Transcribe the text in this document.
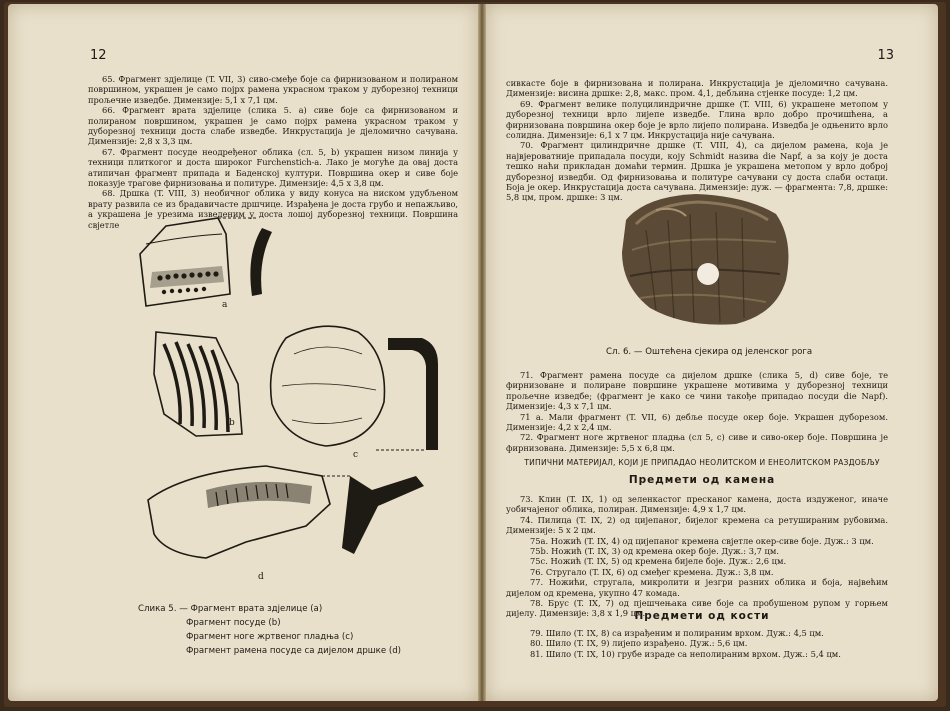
12

65. Фрагмент здјелице (T. VII, 3) сиво-смеђе боје са фирнизованом и полираном површином, украшен је само појрх рамена украсном траком у дуборезној техници прољечне изведбе. Димензије: 5,1 x 7,1 цм.

66. Фрагмент врата здјелице (слика 5. а) сиве боје са фирнизованом и полираном површином, украшен је само појрх рамена украсном траком у дуборезној техници доста слабе изведбе. Инкрустација је дјеломично сачувана. Димензије: 2,8 x 3,3 цм.

67. Фрагмент посуде неодређеног облика (сл. 5, b) украшен низом линија у техници плиткогог и доста широког Furchenstich-а. Лако је могуће да овај доста атипичан фрагмент припада и Баденској култури. Површина окер и сиве боје показује трагове фирнизовања и политуре. Димензије: 4,5 x 3,8 цм.

68. Дршка (T. VIII, 3) необичног облика у виду конуса на ниском удубљеном врату развила се из брадавичасте дршчице. Израђена је доста грубо и непажљиво, а украшена је урезима изведеним у доста лошој дуборезној техници. Површина свјетле

a
b
c
d
Слика 5. — Фрагмент врата здјелице (a)
Фрагмент посуде (b)
Фрагмент ноге жртвеног пладња (c)
Фрагмент рамена посуде са дијелом дршке (d)
13

сивкасте боје в фирнизована и полирана. Инкрустација је дјеломично сачувана. Димензије: висина дршке: 2,8, макс. пром. 4,1, дебљина стјенке посуде: 1,2 цм.

69. Фрагмент велике полуцилиндричне дршке (T. VIII, 6) украшене метопом у дуборезној техници врло лијепе изведбе. Глина врло добро прочишћена, а фирнизована површина окер боје је врло лијепо полирана. Изведба је одњенито врло солидна. Димензије: 6,1 x 7 цм. Инкрустација није сачувана.

70. Фрагмент цилиндричне дршке (T. VIII, 4), са дијелом рамена, која је највјероватније припадала посуди, коју Schmidt назива die Napf, а за коју је доста тешко наћи прикладан домаћи термин. Дршка је украшена метопом у врло доброј дуборезној изведби. Од фирнизовања и политуре сачувани су доста слаби остаци. Боја је окер. Инкрустација доста сачувана. Димензије: дуж. — фрагмента: 7,8, дршке: 5,8 цм, пром. дршке: 3 цм.

Сл. 6. — Оштећена сјекира од јеленског рога

71. Фрагмент рамена посуде са дијелом дршке (слика 5, d) сиве боје, те фирнизоване и полиране површине украшене мотивима у дуборезној техници прољечне изведбе; (фрагмент је како се чини такође припадао посуди die Napf). Димензије: 4,3 x 7,1 цм.

71 а. Мали фрагмент (T. VII, 6) дебље посуде окер боје. Украшен дуборезом. Димензије: 4,2 x 2,4 цм.

72. Фрагмент ноге жртвеног пладња (сл 5, c) сиве и сиво-окер боје. Површина је фирнизована. Димензије: 5,5 x 6,8 цм.

ТИПИЧНИ МАТЕРИЈАЛ, КОЈИ ЈЕ ПРИПАДАО НЕОЛИТСКОМ И ЕНЕОЛИТСКОМ РАЗДОБЉУ
Предмети од камена

73. Клин (T. IX, 1) од зеленкастог пресканог камена, доста издуженог, иначе уобичајеног облика, полиран. Димензије: 4,9 x 1,7 цм.

74. Пилица (T. IX, 2) од цијепаног, бијелог кремена са ретушираним рубовима. Димензије: 5 x 2 цм.

75а. Ножић (T. IX, 4) од цијепаног кремена свјетле окер-сиве боје. Дуж.: 3 цм.
75b. Ножић (T. IX, 3) од кремена окер боје. Дуж.: 3,7 цм.
75c. Ножић (T. IX, 5) од кремена бијеле боје. Дуж.: 2,6 цм.
76. Стругало (T. IX, 6) од смеђег кремена. Дуж.: 3,8 цм.

77. Ножићи, стругала, микролити и језгри разних облика и боја, највећим дијелом од кремена, укупно 47 комада.

78. Брус (T. IX, 7) од пјешчењака сиве боје са пробушеном рупом у горњем дијелу. Димензије: 3,8 x 1,9 цм.

Предмети од кости
79. Шило (T. IX, 8) са израђеним и полираним врхом. Дуж.: 4,5 цм.
80. Шило (T. IX, 9) лијепо израђено. Дуж.: 5,6 цм.
81. Шило (T. IX, 10) грубе израде са неполираним врхом. Дуж.: 5,4 цм.
